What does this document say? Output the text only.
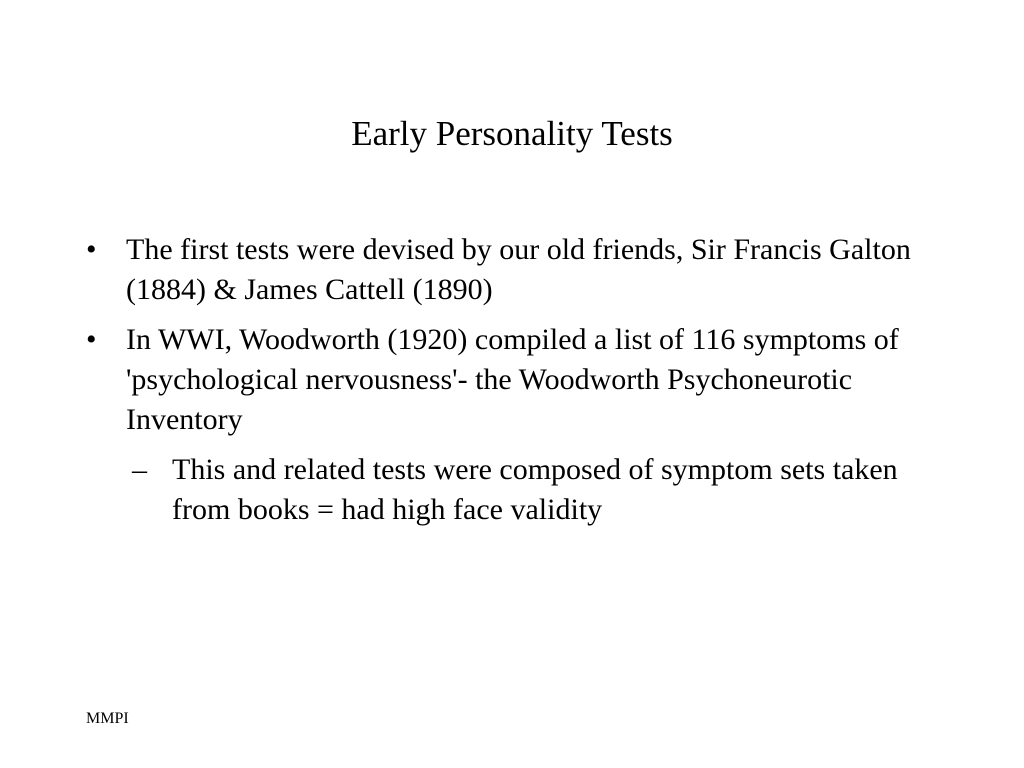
Early Personality Tests
• The first tests were devised by our old friends, Sir Francis Galton (1884) & James Cattell (1890)
• In WWI, Woodworth (1920) compiled a list of 116 symptoms of 'psychological nervousness'- the Woodworth Psychoneurotic Inventory
– This and related tests were composed of symptom sets taken from books = had high face validity
MMPI
